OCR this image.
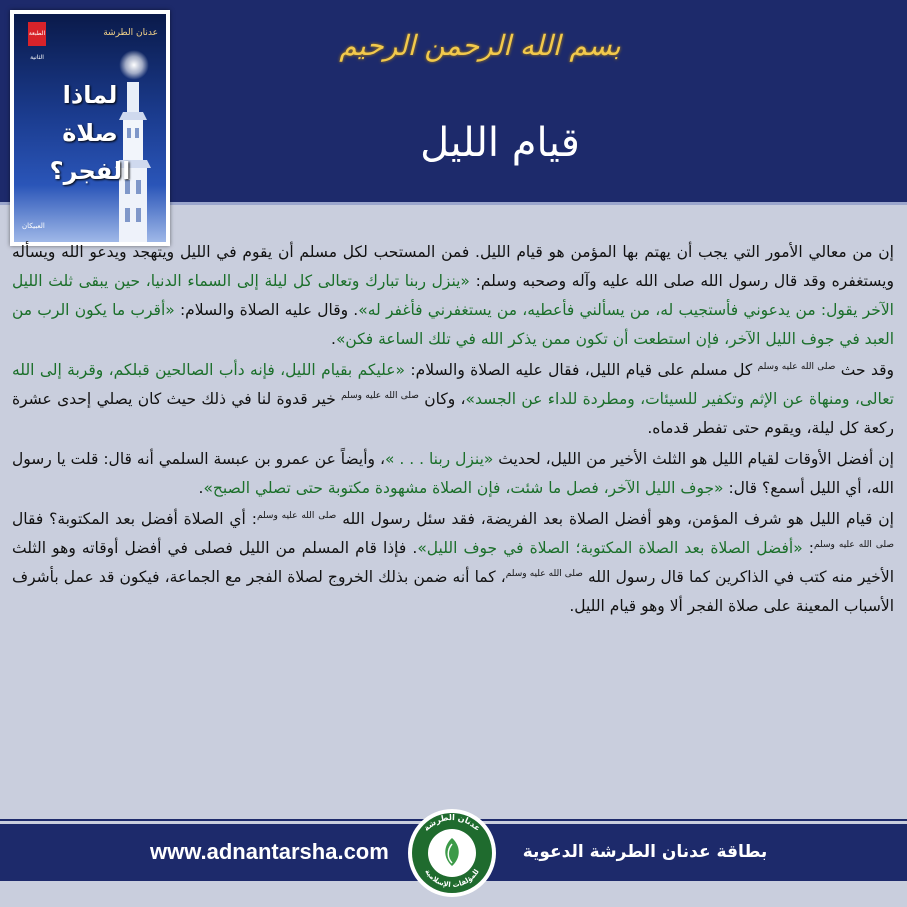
بسم الله الرحمن الرحيم
قيام الليل
الطبعة الثانية
عدنان الطرشة
لماذا
صلاة
الفجر؟
العبيكان

إن من معالي الأمور التي يجب أن يهتم بها المؤمن هو قيام الليل. فمن المستحب لكل مسلم أن يقوم في الليل ويتهجد ويدعو الله ويسأله ويستغفره وقد قال رسول الله صلى الله عليه وآله وصحبه وسلم: «ينزل ربنا تبارك وتعالى كل ليلة إلى السماء الدنيا، حين يبقى ثلث الليل الآخر يقول: من يدعوني فأستجيب له، من يسألني فأعطيه، من يستغفرني فأغفر له». وقال عليه الصلاة والسلام: «أقرب ما يكون الرب من العبد في جوف الليل الآخر، فإن استطعت أن تكون ممن يذكر الله في تلك الساعة فكن».

وقد حث $^{صلى الله عليه وسلم}$ كل مسلم على قيام الليل، فقال عليه الصلاة والسلام: «عليكم بقيام الليل، فإنه دأب الصالحين قبلكم، وقربة إلى الله تعالى، ومنهاة عن الإثم وتكفير للسيئات، ومطردة للداء عن الجسد»، وكان $^{صلى الله عليه وسلم}$ خير قدوة لنا في ذلك حيث كان يصلي إحدى عشرة ركعة كل ليلة، ويقوم حتى تفطر قدماه.

إن أفضل الأوقات لقيام الليل هو الثلث الأخير من الليل، لحديث «ينزل ربنا . . . »، وأيضاً عن عمرو بن عبسة السلمي أنه قال: قلت يا رسول الله، أي الليل أسمع؟ قال: «جوف الليل الآخر، فصل ما شئت، فإن الصلاة مشهودة مكتوبة حتى تصلي الصبح».

إن قيام الليل هو شرف المؤمن، وهو أفضل الصلاة بعد الفريضة، فقد سئل رسول الله $^{صلى الله عليه وسلم}$: أي الصلاة أفضل بعد المكتوبة؟ فقال $^{صلى الله عليه وسلم}$: «أفضل الصلاة بعد الصلاة المكتوبة؛ الصلاة في جوف الليل». فإذا قام المسلم من الليل فصلى في أفضل أوقاته وهو الثلث الأخير منه كتب في الذاكرين كما قال رسول الله $^{صلى الله عليه وسلم}$، كما أنه ضمن بذلك الخروج لصلاة الفجر مع الجماعة، فيكون قد عمل بأشرف الأسباب المعينة على صلاة الفجر ألا وهو قيام الليل.

www.adnantarsha.com	بطاقة عدنان الطرشة الدعوية
عدنان الطرشة
للمؤلفات الإسلامية
